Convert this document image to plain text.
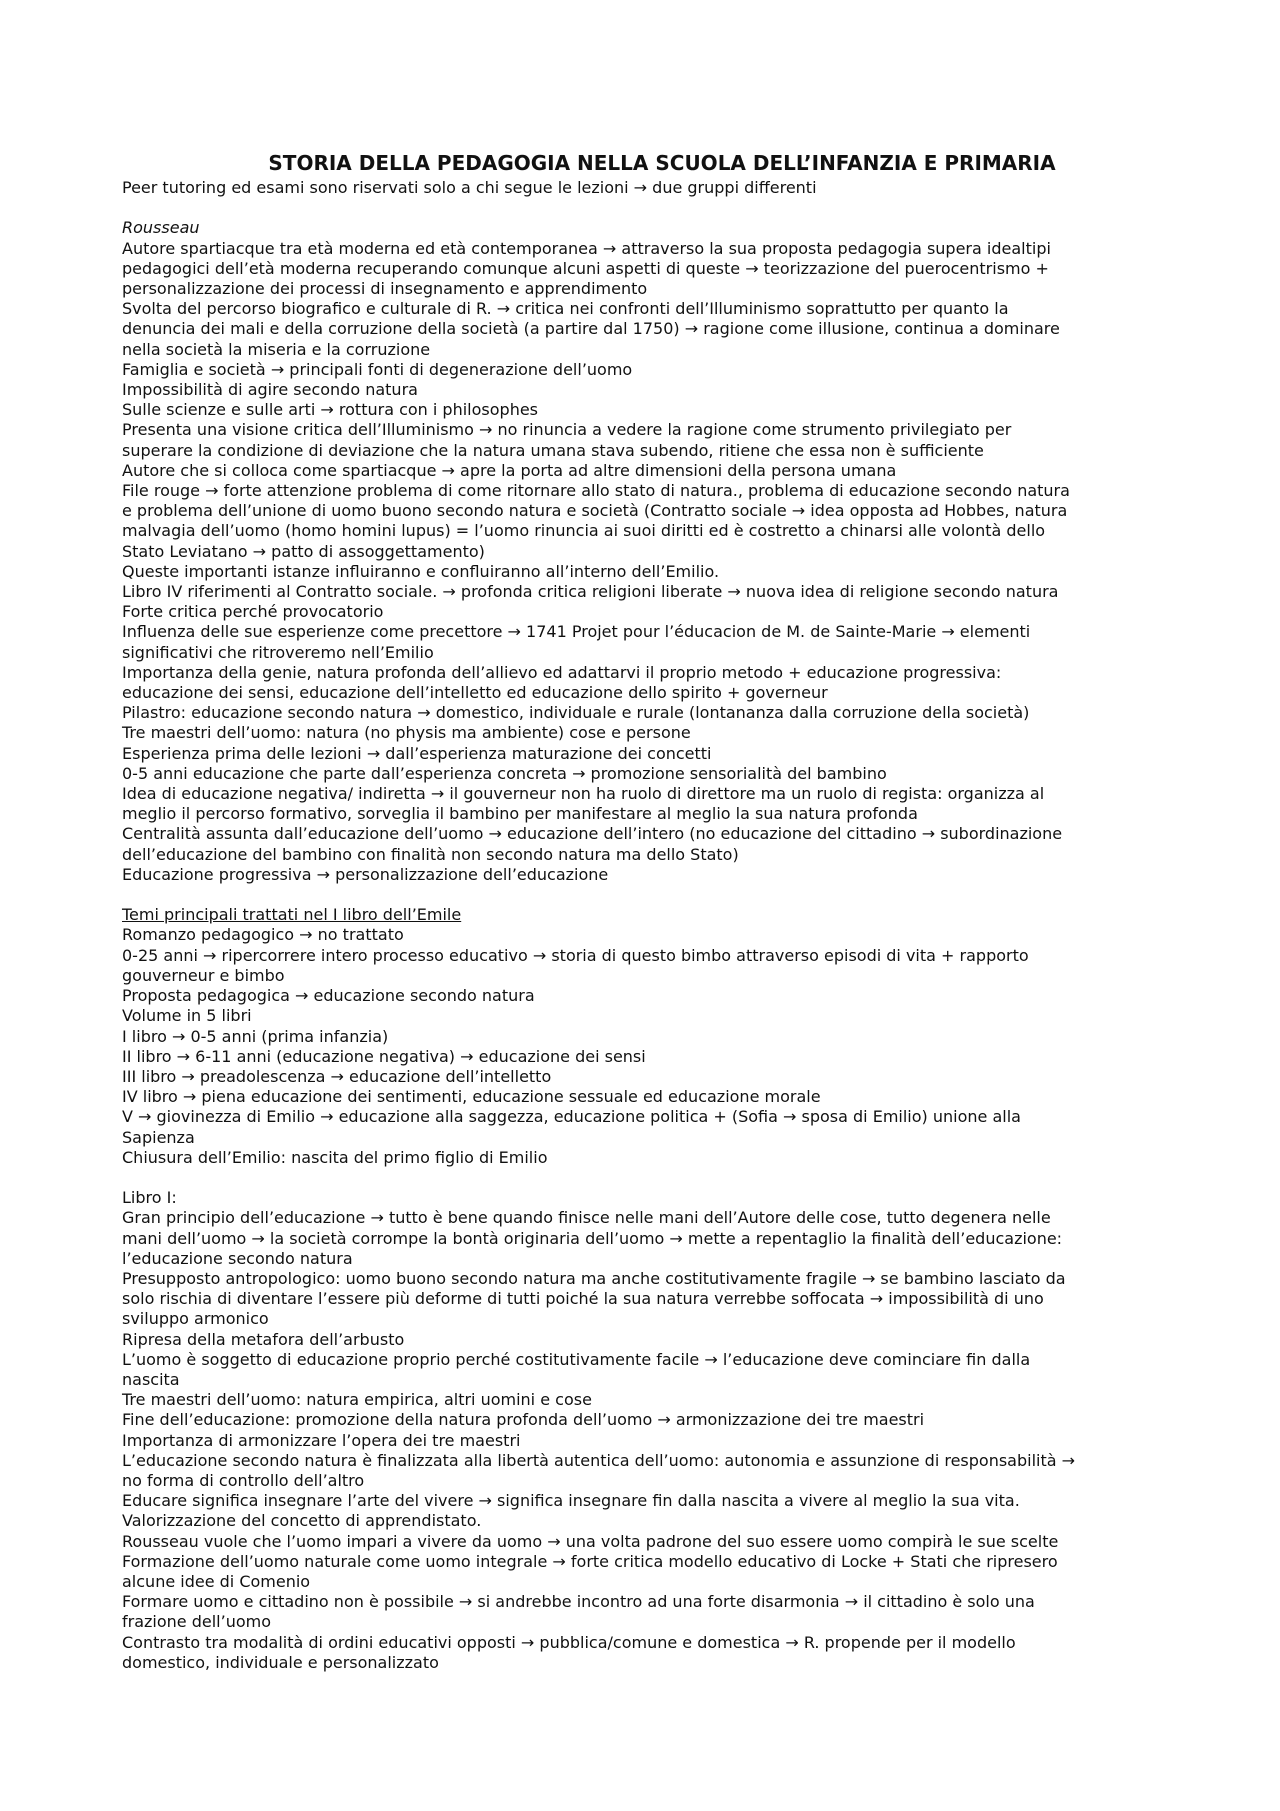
STORIA DELLA PEDAGOGIA NELLA SCUOLA DELL’INFANZIA E PRIMARIA

Peer tutoring ed esami sono riservati solo a chi segue le lezioni → due gruppi differenti

Rousseau

Autore spartiacque tra età moderna ed età contemporanea → attraverso la sua proposta pedagogia supera idealtipi

pedagogici dell’età moderna recuperando comunque alcuni aspetti di queste → teorizzazione del puerocentrismo +

personalizzazione dei processi di insegnamento e apprendimento

Svolta del percorso biografico e culturale di R. → critica nei confronti dell’Illuminismo soprattutto per quanto la

denuncia dei mali e della corruzione della società (a partire dal 1750) → ragione come illusione, continua a dominare

nella società la miseria e la corruzione

Famiglia e società → principali fonti di degenerazione dell’uomo

Impossibilità di agire secondo natura

Sulle scienze e sulle arti → rottura con i philosophes

Presenta una visione critica dell’Illuminismo → no rinuncia a vedere la ragione come strumento privilegiato per

superare la condizione di deviazione che la natura umana stava subendo, ritiene che essa non è sufficiente

Autore che si colloca come spartiacque → apre la porta ad altre dimensioni della persona umana

File rouge → forte attenzione problema di come ritornare allo stato di natura., problema di educazione secondo natura

e problema dell’unione di uomo buono secondo natura e società (Contratto sociale → idea opposta ad Hobbes, natura

malvagia dell’uomo (homo homini lupus) = l’uomo rinuncia ai suoi diritti ed è costretto a chinarsi alle volontà dello

Stato Leviatano → patto di assoggettamento)

Queste importanti istanze influiranno e confluiranno all’interno dell’Emilio.

Libro IV riferimenti al Contratto sociale. → profonda critica religioni liberate → nuova idea di religione secondo natura

Forte critica perché provocatorio

Influenza delle sue esperienze come precettore → 1741 Projet pour l’éducacion de M. de Sainte-Marie → elementi

significativi che ritroveremo nell’Emilio

Importanza della genie, natura profonda dell’allievo ed adattarvi il proprio metodo + educazione progressiva:

educazione dei sensi, educazione dell’intelletto ed educazione dello spirito + governeur

Pilastro: educazione secondo natura → domestico, individuale e rurale (lontananza dalla corruzione della società)

Tre maestri dell’uomo: natura (no physis ma ambiente) cose e persone

Esperienza prima delle lezioni → dall’esperienza maturazione dei concetti

0-5 anni educazione che parte dall’esperienza concreta → promozione sensorialità del bambino

Idea di educazione negativa/ indiretta → il gouverneur non ha ruolo di direttore ma un ruolo di regista: organizza al

meglio il percorso formativo, sorveglia il bambino per manifestare al meglio la sua natura profonda

Centralità assunta dall’educazione dell’uomo → educazione dell’intero (no educazione del cittadino → subordinazione

dell’educazione del bambino con finalità non secondo natura ma dello Stato)

Educazione progressiva → personalizzazione dell’educazione

Temi principali trattati nel I libro dell’Emile

Romanzo pedagogico → no trattato

0-25 anni → ripercorrere intero processo educativo → storia di questo bimbo attraverso episodi di vita + rapporto

gouverneur e bimbo

Proposta pedagogica → educazione secondo natura

Volume in 5 libri

I libro → 0-5 anni (prima infanzia)

II libro → 6-11 anni (educazione negativa) → educazione dei sensi

III libro → preadolescenza → educazione dell’intelletto

IV libro → piena educazione dei sentimenti, educazione sessuale ed educazione morale

V → giovinezza di Emilio → educazione alla saggezza, educazione politica + (Sofia → sposa di Emilio) unione alla

Sapienza

Chiusura dell’Emilio: nascita del primo figlio di Emilio

Libro I:

Gran principio dell’educazione → tutto è bene quando finisce nelle mani dell’Autore delle cose, tutto degenera nelle

mani dell’uomo → la società corrompe la bontà originaria dell’uomo → mette a repentaglio la finalità dell’educazione:

l’educazione secondo natura

Presupposto antropologico: uomo buono secondo natura ma anche costitutivamente fragile → se bambino lasciato da

solo rischia di diventare l’essere più deforme di tutti poiché la sua natura verrebbe soffocata → impossibilità di uno

sviluppo armonico

Ripresa della metafora dell’arbusto

L’uomo è soggetto di educazione proprio perché costitutivamente facile → l’educazione deve cominciare fin dalla

nascita

Tre maestri dell’uomo: natura empirica, altri uomini e cose

Fine dell’educazione: promozione della natura profonda dell’uomo → armonizzazione dei tre maestri

Importanza di armonizzare l’opera dei tre maestri

L’educazione secondo natura è finalizzata alla libertà autentica dell’uomo: autonomia e assunzione di responsabilità →

no forma di controllo dell’altro

Educare significa insegnare l’arte del vivere → significa insegnare fin dalla nascita a vivere al meglio la sua vita.

Valorizzazione del concetto di apprendistato.

Rousseau vuole che l’uomo impari a vivere da uomo → una volta padrone del suo essere uomo compirà le sue scelte

Formazione dell’uomo naturale come uomo integrale → forte critica modello educativo di Locke + Stati che ripresero

alcune idee di Comenio

Formare uomo e cittadino non è possibile → si andrebbe incontro ad una forte disarmonia → il cittadino è solo una

frazione dell’uomo

Contrasto tra modalità di ordini educativi opposti → pubblica/comune e domestica → R. propende per il modello

domestico, individuale e personalizzato
